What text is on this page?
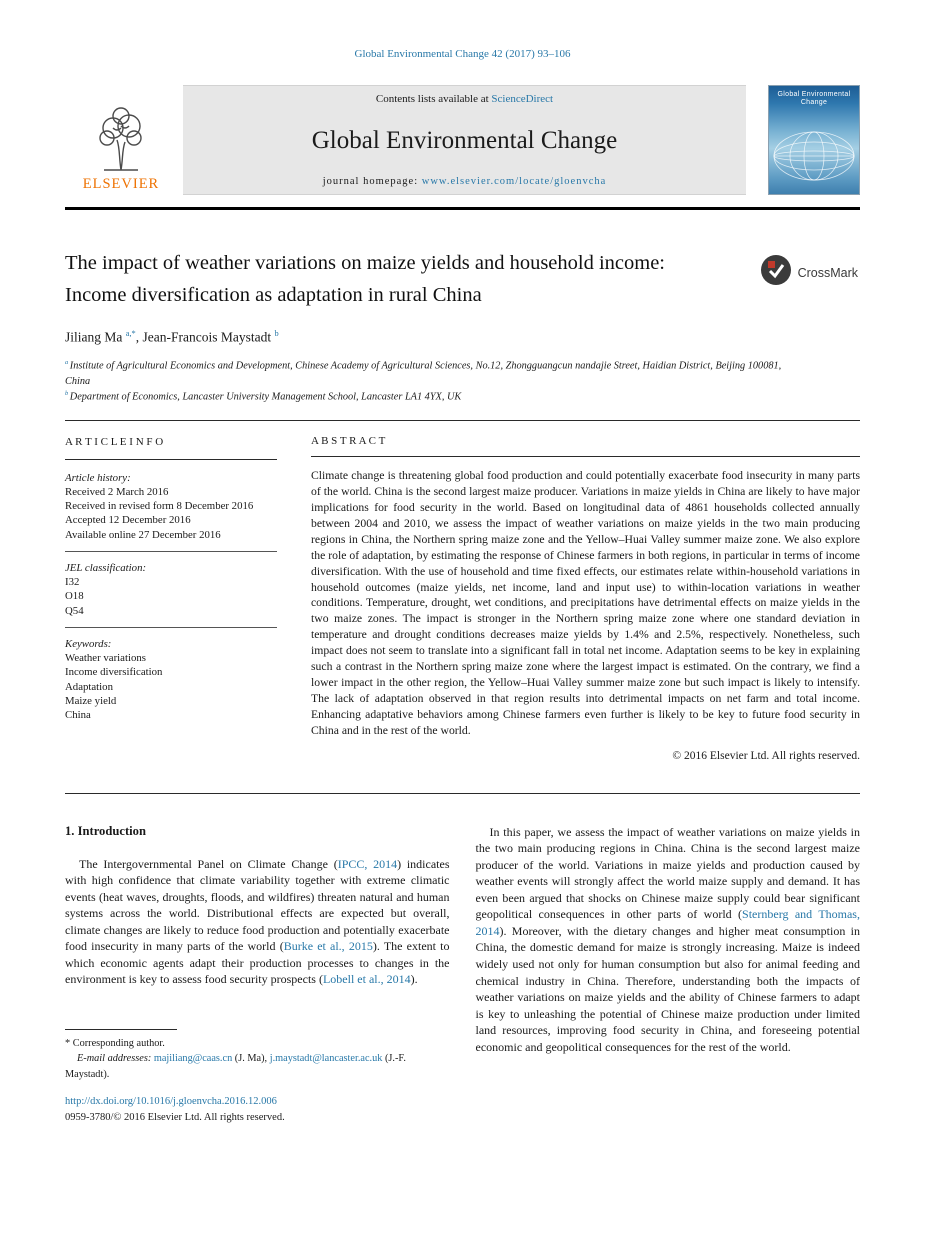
Global Environmental Change 42 (2017) 93–106
ELSEVIER
Contents lists available at ScienceDirect
Global Environmental Change
journal homepage: www.elsevier.com/locate/gloenvcha
Global Environmental Change
The impact of weather variations on maize yields and household income: Income diversification as adaptation in rural China
CrossMark
Jiliang Ma $^{a,*}$, Jean-Francois Maystadt $^b$
$^a$ Institute of Agricultural Economics and Development, Chinese Academy of Agricultural Sciences, No.12, Zhongguangcun nandajie Street, Haidian District, Beijing 100081, China
$^b$ Department of Economics, Lancaster University Management School, Lancaster LA1 4YX, UK
A R T I C L E I N F O
Article history:
Received 2 March 2016
Received in revised form 8 December 2016
Accepted 12 December 2016
Available online 27 December 2016
JEL classification:
I32
O18
Q54
Keywords:
Weather variations
Income diversification
Adaptation
Maize yield
China
A B S T R A C T

Climate change is threatening global food production and could potentially exacerbate food insecurity in many parts of the world. China is the second largest maize producer. Variations in maize yields in China are likely to have major implications for food security in the world. Based on longitudinal data of 4861 households collected annually between 2004 and 2010, we assess the impact of weather variations on maize yields in the two main producing regions in China, the Northern spring maize zone and the Yellow–Huai Valley summer maize zone. We also explore the role of adaptation, by estimating the response of Chinese farmers in both regions, in particular in terms of income diversification. With the use of household and time fixed effects, our estimates relate within-household variations in household outcomes (maize yields, net income, land and input use) to within-location variations in weather conditions. Temperature, drought, wet conditions, and precipitations have detrimental effects on maize yields in the two maize zones. The impact is stronger in the Northern spring maize zone where one standard deviation in temperature and drought conditions decreases maize yields by 1.4% and 2.5%, respectively. Nonetheless, such impact does not seem to translate into a significant fall in total net income. Adaptation seems to be key in explaining such a contrast in the Northern spring maize zone where the largest impact is estimated. On the contrary, we find a lower impact in the other region, the Yellow–Huai Valley summer maize zone but such impact is likely to intensify. The lack of adaptation observed in that region results into detrimental impacts on net farm and total income. Enhancing adaptative behaviors among Chinese farmers even further is likely to be key to future food security in China and in the rest of the world.

© 2016 Elsevier Ltd. All rights reserved.
1. Introduction

The Intergovernmental Panel on Climate Change (IPCC, 2014) indicates with high confidence that climate variability together with extreme climatic events (heat waves, droughts, floods, and wildfires) threaten natural and human systems across the world. Distributional effects are expected but overall, climate changes are likely to reduce food production and potentially exacerbate food insecurity in many parts of the world (Burke et al., 2015). The extent to which economic agents adapt their production processes to changes in the environment is key to assess food security prospects (Lobell et al., 2014).

* Corresponding author.
E-mail addresses: majiliang@caas.cn (J. Ma), j.maystadt@lancaster.ac.uk (J.-F. Maystadt).
http://dx.doi.org/10.1016/j.gloenvcha.2016.12.006
0959-3780/© 2016 Elsevier Ltd. All rights reserved.

In this paper, we assess the impact of weather variations on maize yields in the two main producing regions in China. China is the second largest maize producer of the world. Variations in maize yields and production caused by weather events will strongly affect the world maize supply and demand. It has even been argued that shocks on Chinese maize supply could bear significant geopolitical consequences in other parts of world (Sternberg and Thomas, 2014). Moreover, with the dietary changes and higher meat consumption in China, the domestic demand for maize is strongly increasing. Maize is indeed widely used not only for human consumption but also for animal feeding and chemical industry in China. Therefore, understanding both the impacts of weather variations on maize yields and the ability of Chinese farmers to adapt is key to unleashing the potential of Chinese maize production under limited land resources, improving food security in China, and foreseeing potential economic and geopolitical consequences for the rest of the world.
